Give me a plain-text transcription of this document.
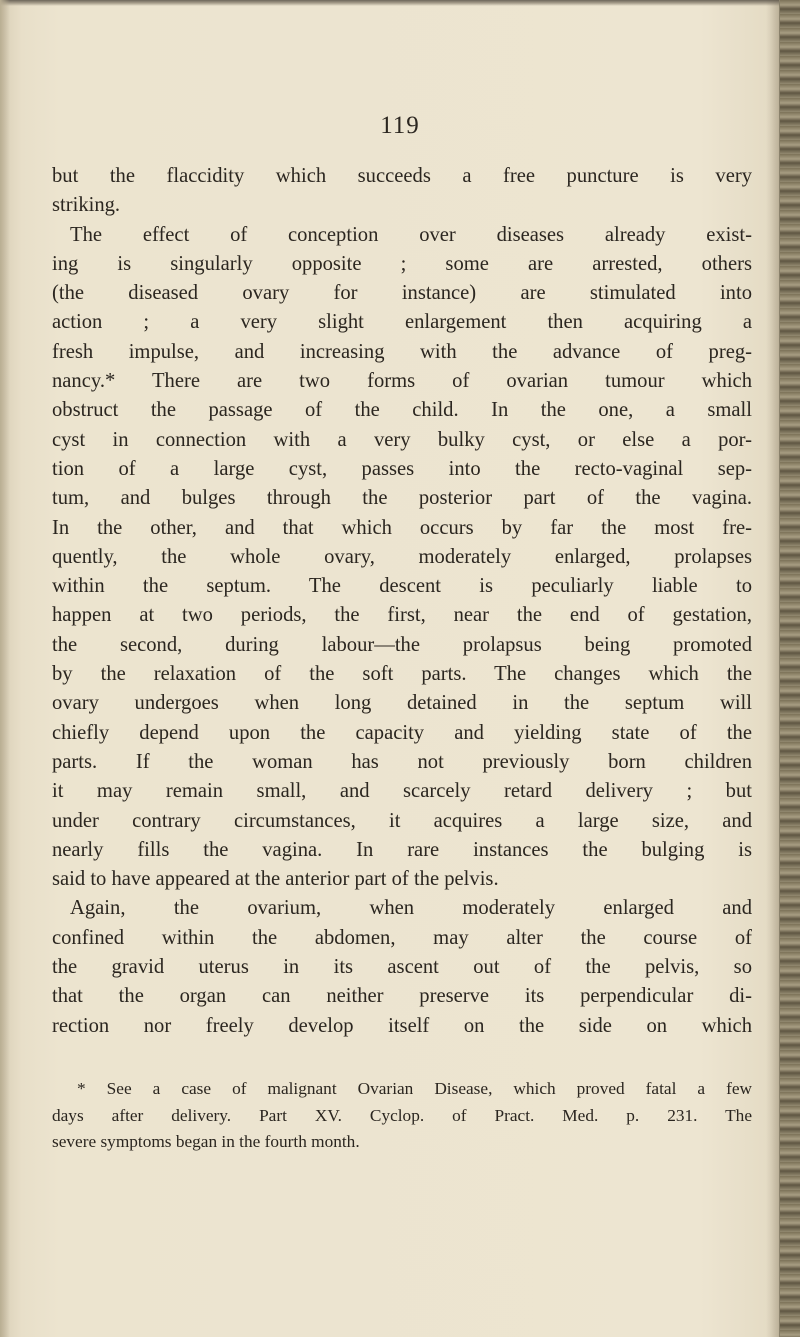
119
but the flaccidity which succeeds a free puncture is very
striking.
The effect of conception over diseases already exist-
ing is singularly opposite ; some are arrested, others
(the diseased ovary for instance) are stimulated into
action ; a very slight enlargement then acquiring a
fresh impulse, and increasing with the advance of preg-
nancy.* There are two forms of ovarian tumour which
obstruct the passage of the child. In the one, a small
cyst in connection with a very bulky cyst, or else a por-
tion of a large cyst, passes into the recto-vaginal sep-
tum, and bulges through the posterior part of the vagina.
In the other, and that which occurs by far the most fre-
quently, the whole ovary, moderately enlarged, prolapses
within the septum. The descent is peculiarly liable to
happen at two periods, the first, near the end of gestation,
the second, during labour—the prolapsus being promoted
by the relaxation of the soft parts. The changes which the
ovary undergoes when long detained in the septum will
chiefly depend upon the capacity and yielding state of the
parts. If the woman has not previously born children
it may remain small, and scarcely retard delivery ; but
under contrary circumstances, it acquires a large size, and
nearly fills the vagina. In rare instances the bulging is
said to have appeared at the anterior part of the pelvis.
Again, the ovarium, when moderately enlarged and
confined within the abdomen, may alter the course of
the gravid uterus in its ascent out of the pelvis, so
that the organ can neither preserve its perpendicular di-
rection nor freely develop itself on the side on which
* See a case of malignant Ovarian Disease, which proved fatal a few
days after delivery. Part XV. Cyclop. of Pract. Med. p. 231. The
severe symptoms began in the fourth month.
